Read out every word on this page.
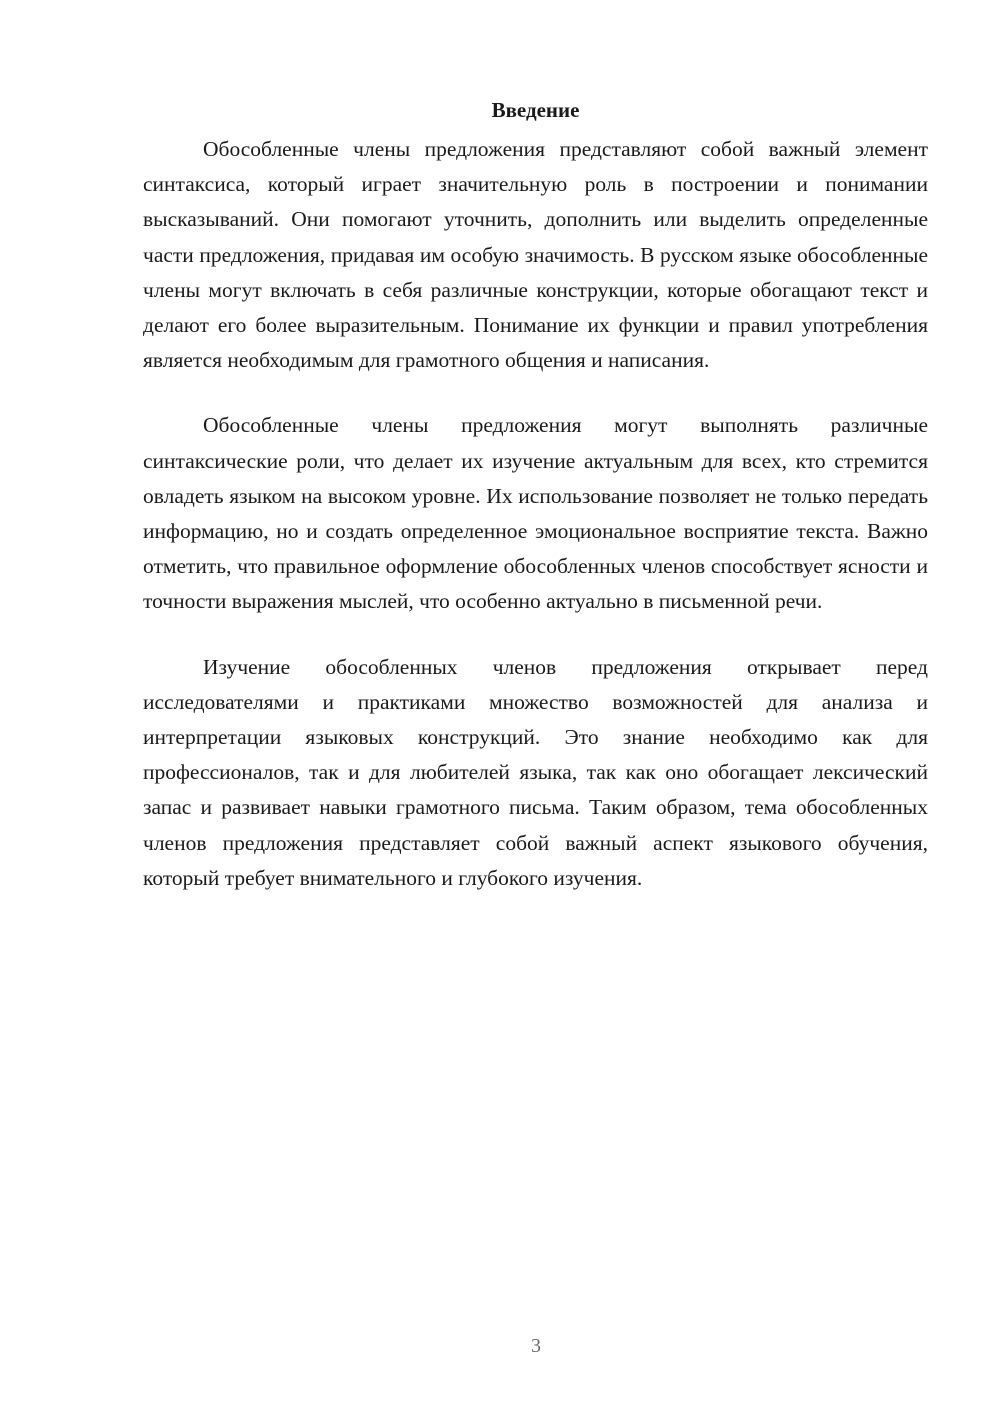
Введение

Обособленные члены предложения представляют собой важный элемент синтаксиса, который играет значительную роль в построении и понимании высказываний. Они помогают уточнить, дополнить или выделить определенные части предложения, придавая им особую значимость. В русском языке обособленные члены могут включать в себя различные конструкции, которые обогащают текст и делают его более выразительным. Понимание их функции и правил употребления является необходимым для грамотного общения и написания.

Обособленные члены предложения могут выполнять различные синтаксические роли, что делает их изучение актуальным для всех, кто стремится овладеть языком на высоком уровне. Их использование позволяет не только передать информацию, но и создать определенное эмоциональное восприятие текста. Важно отметить, что правильное оформление обособленных членов способствует ясности и точности выражения мыслей, что особенно актуально в письменной речи.

Изучение обособленных членов предложения открывает перед исследователями и практиками множество возможностей для анализа и интерпретации языковых конструкций. Это знание необходимо как для профессионалов, так и для любителей языка, так как оно обогащает лексический запас и развивает навыки грамотного письма. Таким образом, тема обособленных членов предложения представляет собой важный аспект языкового обучения, который требует внимательного и глубокого изучения.

3
